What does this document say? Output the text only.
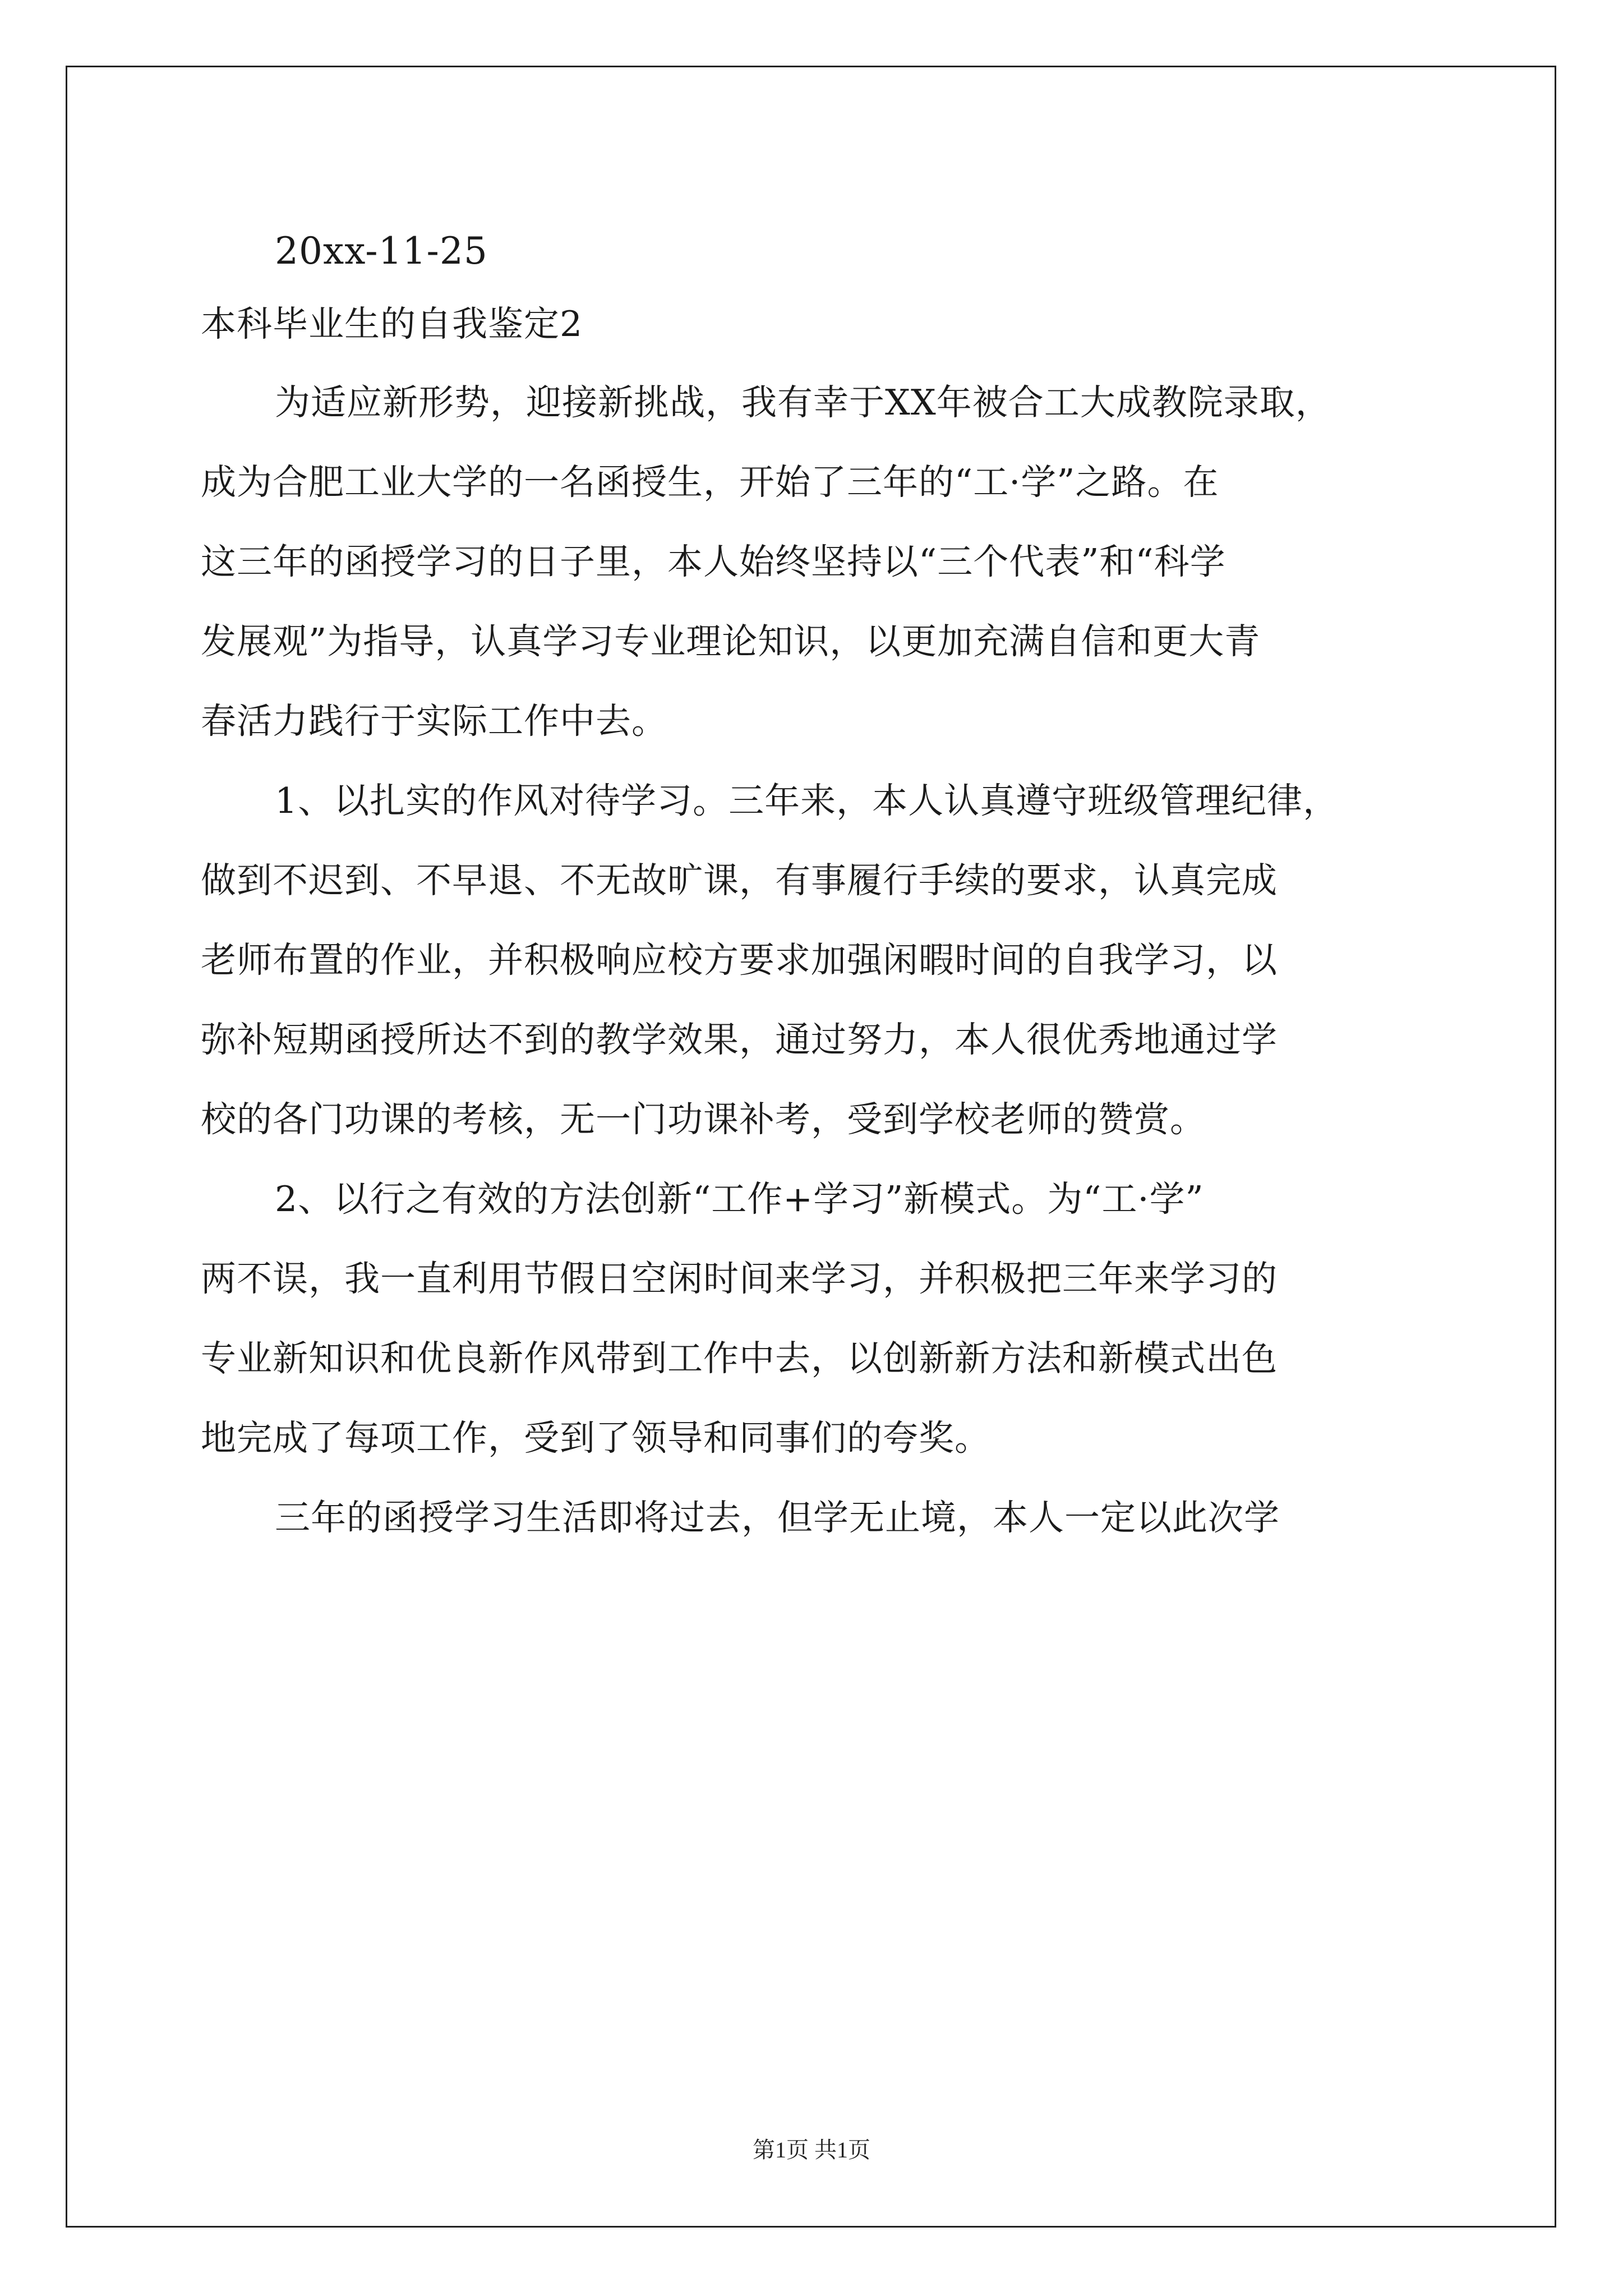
20xx-11-25
本科毕业生的自我鉴定2
为适应新形势，迎接新挑战，我有幸于XX年被合工大成教院录取，
成为合肥工业大学的一名函授生，开始了三年的“工·学”之路。在
这三年的函授学习的日子里，本人始终坚持以“三个代表”和“科学
发展观”为指导，认真学习专业理论知识，以更加充满自信和更大青
春活力践行于实际工作中去。
1、以扎实的作风对待学习。三年来，本人认真遵守班级管理纪律，
做到不迟到、不早退、不无故旷课，有事履行手续的要求，认真完成
老师布置的作业，并积极响应校方要求加强闲暇时间的自我学习，以
弥补短期函授所达不到的教学效果，通过努力，本人很优秀地通过学
校的各门功课的考核，无一门功课补考，受到学校老师的赞赏。
2、以行之有效的方法创新“工作+学习”新模式。为“工·学”
两不误，我一直利用节假日空闲时间来学习，并积极把三年来学习的
专业新知识和优良新作风带到工作中去，以创新新方法和新模式出色
地完成了每项工作，受到了领导和同事们的夸奖。
三年的函授学习生活即将过去，但学无止境，本人一定以此次学
第1页 共1页
